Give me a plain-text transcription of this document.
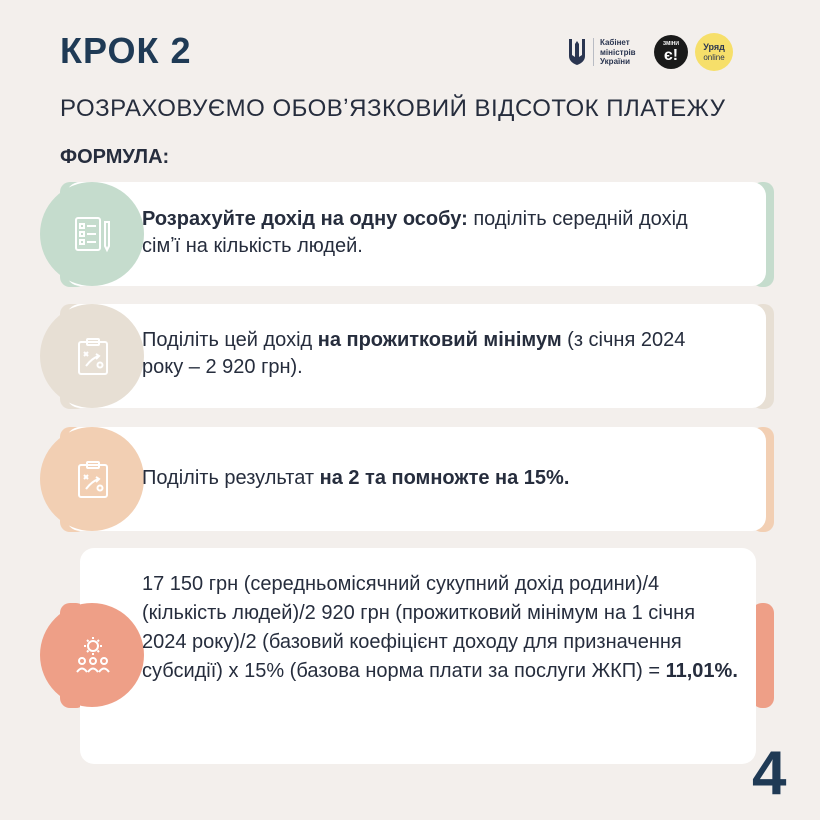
КРОК 2	Кабінет
міністрів
України
ЗМІНИ
є!	Уряд
online
РОЗРАХОВУЄМО ОБОВʼЯЗКОВИЙ ВІДСОТОК ПЛАТЕЖУ
ФОРМУЛА:
Розрахуйте дохід на одну особу: поділіть середній дохід сімʼї на кількість людей.
Поділіть цей дохід на прожитковий мінімум (з січня 2024 року – 2 920 грн).
Поділіть результат на 2 та помножте на 15%.
17 150 грн (середньомісячний сукупний дохід родини)/4 (кількість людей)/2 920 грн (прожитковий мінімум на 1 січня 2024 року)/2 (базовий коефіцієнт доходу для призначення субсидії) х 15% (базова норма плати за послуги ЖКП) = 11,01%.
4
